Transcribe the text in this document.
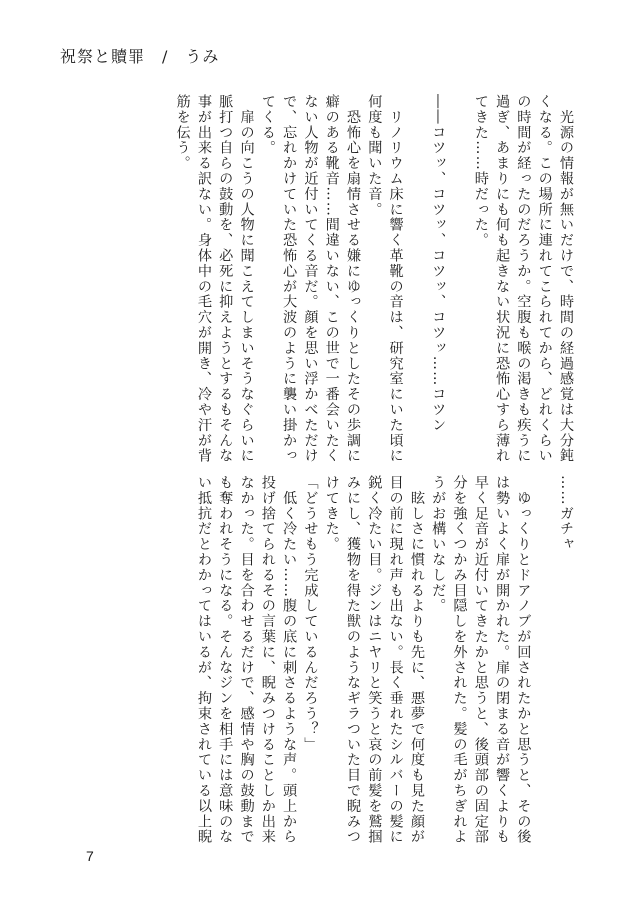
祝祭と贖罪　/　うみ
　光源の情報が無いだけで、時間の経過感覚は大分鈍
くなる。この場所に連れてこられてから、どれくらい
の時間が経ったのだろうか。空腹も喉の渇きも疾うに
過ぎ、あまりにも何も起きない状況に恐怖心すら薄れ
てきた……時だった。

――コツッ、コツッ、コツッ、コツッ……コツン

　リノリウム床に響く革靴の音は、研究室にいた頃に
何度も聞いた音。
　恐怖心を扇情させる嫌にゆっくりとしたその歩調に
癖のある靴音……間違いない、この世で一番会いたく
ない人物が近付いてくる音だ。顔を思い浮かべただけ
で、忘れかけていた恐怖心が大波のように襲い掛かっ
てくる。
　扉の向こうの人物に聞こえてしまいそうなぐらいに
脈打つ自らの鼓動を、必死に抑えようとするもそんな
事が出来る訳ない。身体中の毛穴が開き、冷や汗が背
筋を伝う。
……ガチャ

　ゆっくりとドアノブが回されたかと思うと、その後
は勢いよく扉が開かれた。扉の閉まる音が響くよりも
早く足音が近付いてきたかと思うと、後頭部の固定部
分を強くつかみ目隠しを外された。髪の毛がちぎれよ
うがお構いなしだ。
　眩しさに慣れるよりも先に、悪夢で何度も見た顔が
目の前に現れ声も出ない。長く垂れたシルバーの髪に
鋭く冷たい目。ジンはニヤリと笑うと哀の前髪を鷲掴
みにし、獲物を得た獣のようなギラついた目で睨みつ
けてきた。
「どうせもう完成しているんだろう？」
　低く冷たい……腹の底に刺さるような声。頭上から
投げ捨てられるその言葉に、睨みつけることしか出来
なかった。目を合わせるだけで、感情や胸の鼓動まで
も奪われそうになる。そんなジンを相手には意味のな
い抵抗だとわかってはいるが、拘束されている以上睨
7
